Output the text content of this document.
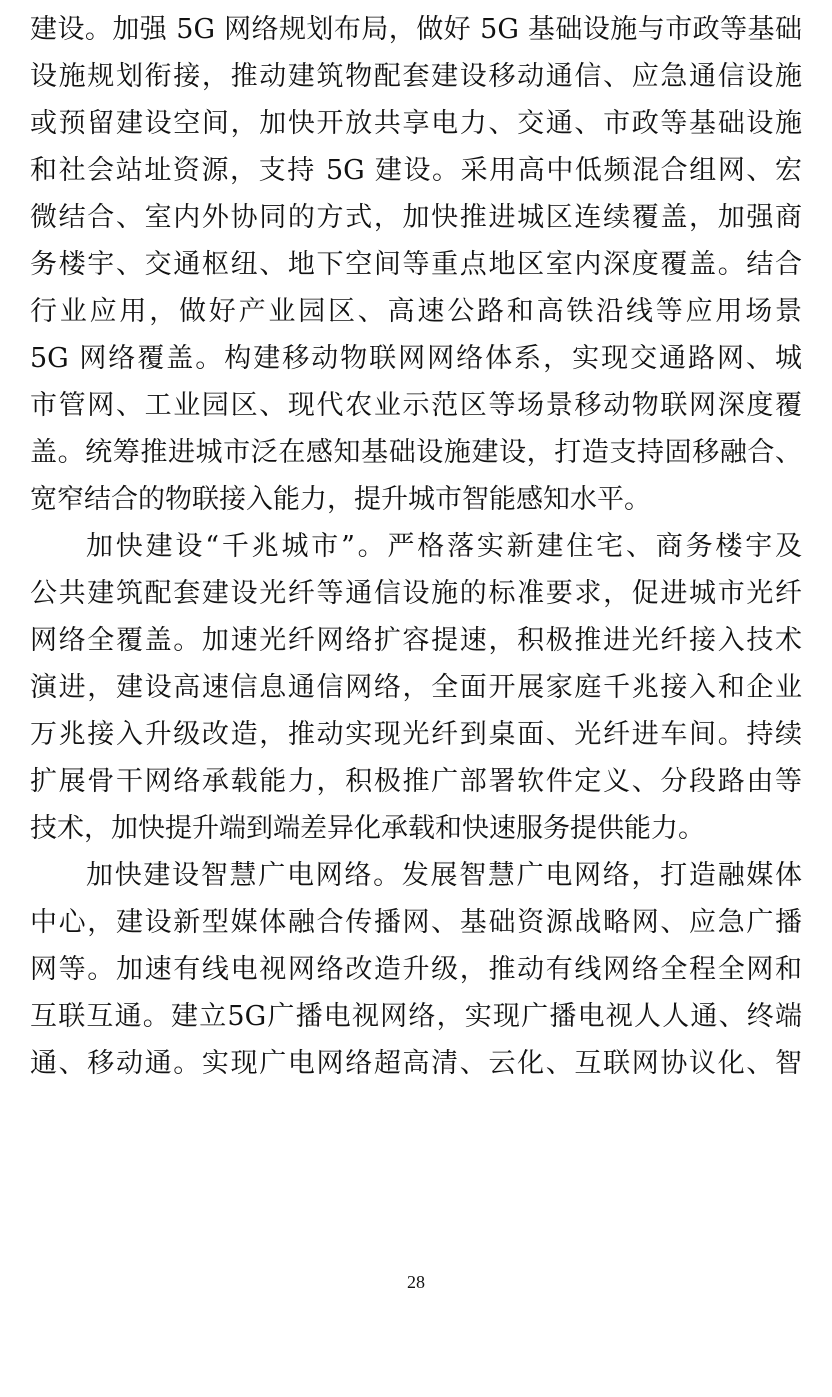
建设。加强 5G 网络规划布局，做好 5G 基础设施与市政等基础
设施规划衔接，推动建筑物配套建设移动通信、应急通信设施
或预留建设空间，加快开放共享电力、交通、市政等基础设施
和社会站址资源，支持 5G 建设。采用高中低频混合组网、宏
微结合、室内外协同的方式，加快推进城区连续覆盖，加强商
务楼宇、交通枢纽、地下空间等重点地区室内深度覆盖。结合
行业应用，做好产业园区、高速公路和高铁沿线等应用场景
5G 网络覆盖。构建移动物联网网络体系，实现交通路网、城
市管网、工业园区、现代农业示范区等场景移动物联网深度覆
盖。统筹推进城市泛在感知基础设施建设，打造支持固移融合、
宽窄结合的物联接入能力，提升城市智能感知水平。
加快建设“千兆城市”。严格落实新建住宅、商务楼宇及
公共建筑配套建设光纤等通信设施的标准要求，促进城市光纤
网络全覆盖。加速光纤网络扩容提速，积极推进光纤接入技术
演进，建设高速信息通信网络，全面开展家庭千兆接入和企业
万兆接入升级改造，推动实现光纤到桌面、光纤进车间。持续
扩展骨干网络承载能力，积极推广部署软件定义、分段路由等
技术，加快提升端到端差异化承载和快速服务提供能力。
加快建设智慧广电网络。发展智慧广电网络，打造融媒体
中心，建设新型媒体融合传播网、基础资源战略网、应急广播
网等。加速有线电视网络改造升级，推动有线网络全程全网和
互联互通。建立5G广播电视网络，实现广播电视人人通、终端
通、移动通。实现广电网络超高清、云化、互联网协议化、智
28
